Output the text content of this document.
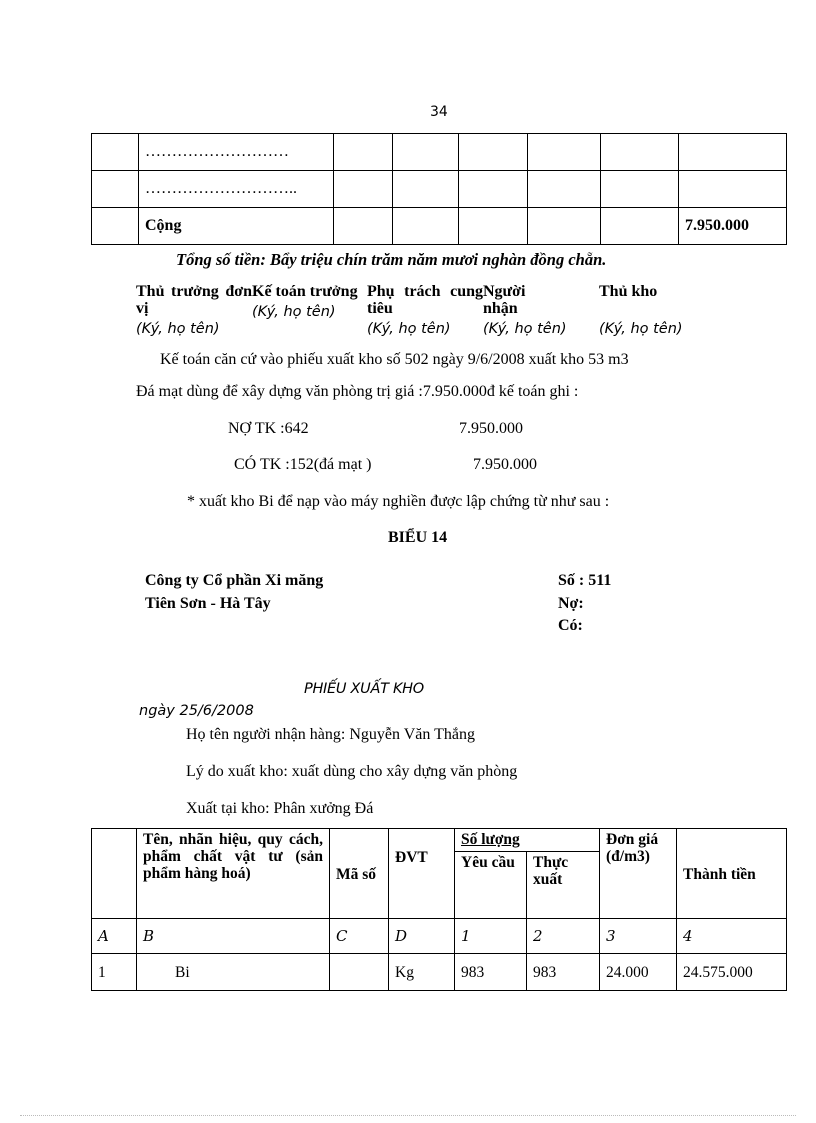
34
	………………………						
	………………………..						
	Cộng						7.950.000
Tổng số tiền: Bẩy triệu chín trăm năm mươi nghàn đồng chẵn.
Thủ trưởng đơn vị
(Ký, họ tên)
Kế toán trưởng
(Ký, họ tên)
Phụ trách cung tiêu
(Ký, họ tên)
Người nhận
(Ký, họ tên)
Thủ kho
(Ký, họ tên)
Kế toán căn cứ vào phiếu xuất kho số 502 ngày 9/6/2008 xuất kho 53 m3
Đá mạt dùng để xây dựng văn phòng trị giá :7.950.000đ kế toán ghi :
NỢ TK :642	7.950.000
CÓ TK :152(đá mạt )	7.950.000
* xuất kho Bi để nạp vào máy nghiền được lập chứng từ như sau :
BIỂU 14
Công ty Cổ phần Xi măng
Tiên Sơn - Hà Tây
Số : 511
Nợ:
Có:
PHIẾU XUẤT KHO
ngày 25/6/2008
Họ tên người nhận hàng: Nguyễn Văn Thắng
Lý do xuất kho: xuất dùng cho xây dựng văn phòng
Xuất tại kho: Phân xưởng Đá
	Tên, nhãn hiệu, quy cách, phẩm chất vật tư (sản phẩm hàng hoá)	Mã số	ĐVT	Số lượng		Đơn giá (đ/m3)	Thành tiền
				Yêu cầu	Thực xuất		
A	B	C	D	1	2	3	4
1	Bi		Kg	983	983	24.000	24.575.000
